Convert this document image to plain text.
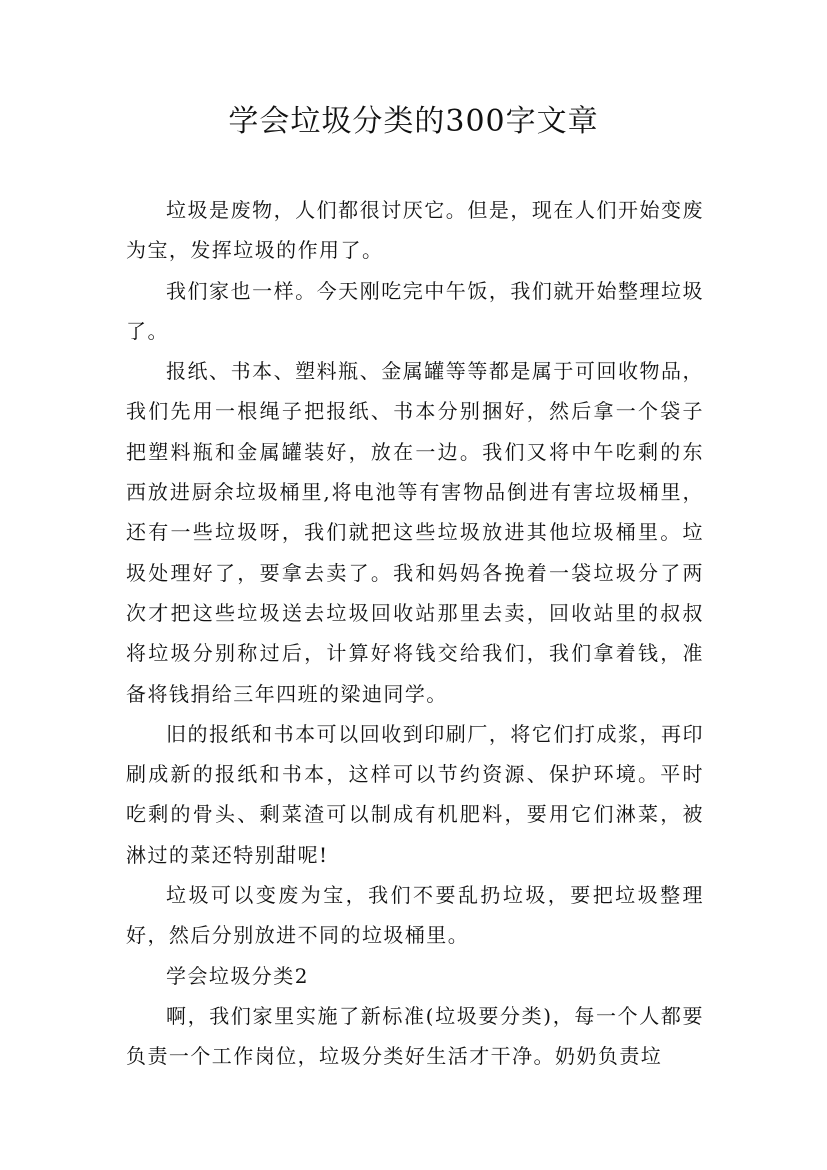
学会垃圾分类的300字文章

垃圾是废物，人们都很讨厌它。但是，现在人们开始变废为宝，发挥垃圾的作用了。

我们家也一样。今天刚吃完中午饭，我们就开始整理垃圾了。

报纸、书本、塑料瓶、金属罐等等都是属于可回收物品，我们先用一根绳子把报纸、书本分别捆好，然后拿一个袋子把塑料瓶和金属罐装好，放在一边。我们又将中午吃剩的东西放进厨余垃圾桶里,将电池等有害物品倒进有害垃圾桶里，还有一些垃圾呀，我们就把这些垃圾放进其他垃圾桶里。垃圾处理好了，要拿去卖了。我和妈妈各挽着一袋垃圾分了两次才把这些垃圾送去垃圾回收站那里去卖，回收站里的叔叔将垃圾分别称过后，计算好将钱交给我们，我们拿着钱，准备将钱捐给三年四班的梁迪同学。

旧的报纸和书本可以回收到印刷厂，将它们打成浆，再印刷成新的报纸和书本，这样可以节约资源、保护环境。平时吃剩的骨头、剩菜渣可以制成有机肥料，要用它们淋菜，被淋过的菜还特别甜呢!

垃圾可以变废为宝，我们不要乱扔垃圾，要把垃圾整理好，然后分别放进不同的垃圾桶里。

学会垃圾分类2

啊，我们家里实施了新标准(垃圾要分类)，每一个人都要负责一个工作岗位，垃圾分类好生活才干净。奶奶负责垃
